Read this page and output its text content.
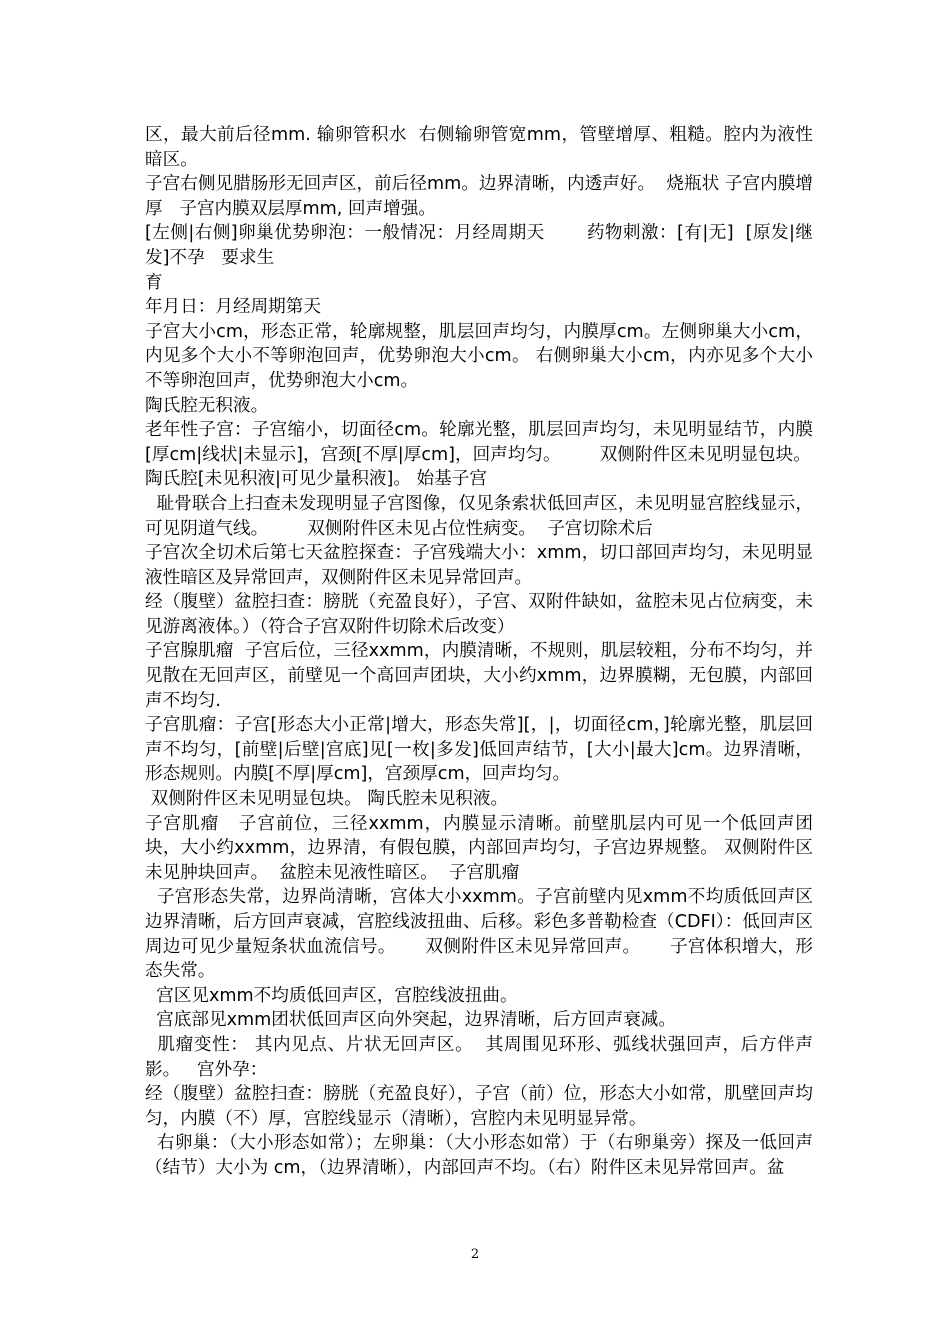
区，最大前后径mm. 输卵管积水  右侧输卵管宽mm，管壁增厚、粗糙。腔内为液性暗区。

子宫右侧见腊肠形无回声区，前后径mm。边界清晰，内透声好。  烧瓶状 子宫内膜增厚   子宫内膜双层厚mm, 回声增强。

[左侧|右侧]卵巢优势卵泡：一般情况：月经周期天       药物刺激：[有|无]  [原发|继发]不孕   要求生

育

年月日：月经周期第天

子宫大小cm，形态正常，轮廓规整，肌层回声均匀，内膜厚cm。左侧卵巢大小cm，内见多个大小不等卵泡回声，优势卵泡大小cm。 右侧卵巢大小cm，内亦见多个大小不等卵泡回声，优势卵泡大小cm。

陶氏腔无积液。

老年性子宫：子宫缩小，切面径cm。轮廓光整，肌层回声均匀，未见明显结节，内膜[厚cm|线状|未显示]，宫颈[不厚|厚cm]，回声均匀。       双侧附件区未见明显包块。

陶氏腔[未见积液|可见少量积液]。 始基子宫

耻骨联合上扫查未发现明显子宫图像，仅见条索状低回声区，未见明显宫腔线显示，可见阴道气线。       双侧附件区未见占位性病变。  子宫切除术后

子宫次全切术后第七天盆腔探查：子宫残端大小：xmm，切口部回声均匀，未见明显液性暗区及异常回声，双侧附件区未见异常回声。

经（腹壁）盆腔扫查：膀胱（充盈良好），子宫、双附件缺如，盆腔未见占位病变，未见游离液体。）（符合子宫双附件切除术后改变）

子宫腺肌瘤  子宫后位，三径xxmm，内膜清晰，不规则，肌层较粗，分布不均匀，并见散在无回声区，前壁见一个高回声团块，大小约xmm，边界膜糊，无包膜，内部回声不均匀.

子宫肌瘤：子宫[形态大小正常|增大，形态失常][，|，切面径cm，]轮廓光整，肌层回声不均匀，[前壁|后壁|宫底]见[一枚|多发]低回声结节，[大小|最大]cm。边界清晰，形态规则。内膜[不厚|厚cm]，宫颈厚cm，回声均匀。

双侧附件区未见明显包块。 陶氏腔未见积液。

子宫肌瘤   子宫前位，三径xxmm，内膜显示清晰。前壁肌层内可见一个低回声团块，大小约xxmm，边界清，有假包膜，内部回声均匀，子宫边界规整。 双侧附件区未见肿块回声。  盆腔未见液性暗区。  子宫肌瘤

子宫形态失常，边界尚清晰，宫体大小xxmm。子宫前壁内见xmm不均质低回声区边界清晰，后方回声衰减，宫腔线波扭曲、后移。彩色多普勒检查（CDFI）：低回声区周边可见少量短条状血流信号。     双侧附件区未见异常回声。     子宫体积增大，形态失常。

宫区见xmm不均质低回声区，宫腔线波扭曲。

宫底部见xmm团状低回声区向外突起，边界清晰，后方回声衰减。

肌瘤变性： 其内见点、片状无回声区。  其周围见环形、弧线状强回声，后方伴声影。   宫外孕：

经（腹壁）盆腔扫查：膀胱（充盈良好），子宫（前）位，形态大小如常，肌壁回声均匀，内膜（不）厚，宫腔线显示（清晰），宫腔内未见明显异常。

右卵巢：（大小形态如常）；左卵巢：（大小形态如常）于（右卵巢旁）探及一低回声（结节）大小为 cm，（边界清晰），内部回声不均。（右）附件区未见异常回声。盆

2
